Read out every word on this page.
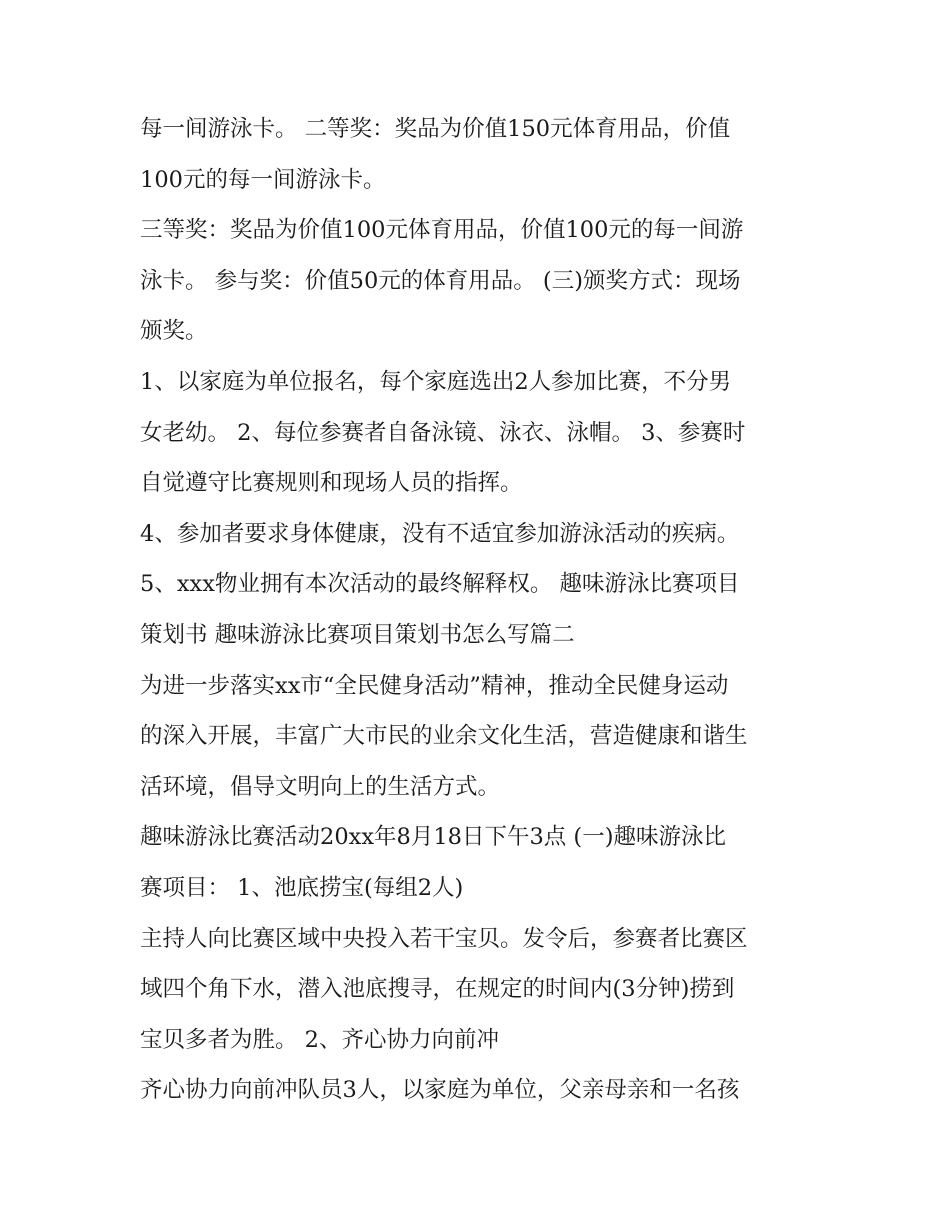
每一间游泳卡。 二等奖：奖品为价值150元体育用品，价值
100元的每一间游泳卡。
三等奖：奖品为价值100元体育用品，价值100元的每一间游
泳卡。 参与奖：价值50元的体育用品。 (三)颁奖方式：现场
颁奖。
1、以家庭为单位报名，每个家庭选出2人参加比赛，不分男
女老幼。 2、每位参赛者自备泳镜、泳衣、泳帽。 3、参赛时
自觉遵守比赛规则和现场人员的指挥。
4、参加者要求身体健康，没有不适宜参加游泳活动的疾病。
5、xxx物业拥有本次活动的最终解释权。 趣味游泳比赛项目
策划书 趣味游泳比赛项目策划书怎么写篇二
为进一步落实xx市“全民健身活动”精神，推动全民健身运动
的深入开展，丰富广大市民的业余文化生活，营造健康和谐生
活环境，倡导文明向上的生活方式。
趣味游泳比赛活动20xx年8月18日下午3点 (一)趣味游泳比
赛项目： 1、池底捞宝(每组2人)
主持人向比赛区域中央投入若干宝贝。发令后，参赛者比赛区
域四个角下水，潜入池底搜寻，在规定的时间内(3分钟)捞到
宝贝多者为胜。 2、齐心协力向前冲
齐心协力向前冲队员3人，以家庭为单位，父亲母亲和一名孩
